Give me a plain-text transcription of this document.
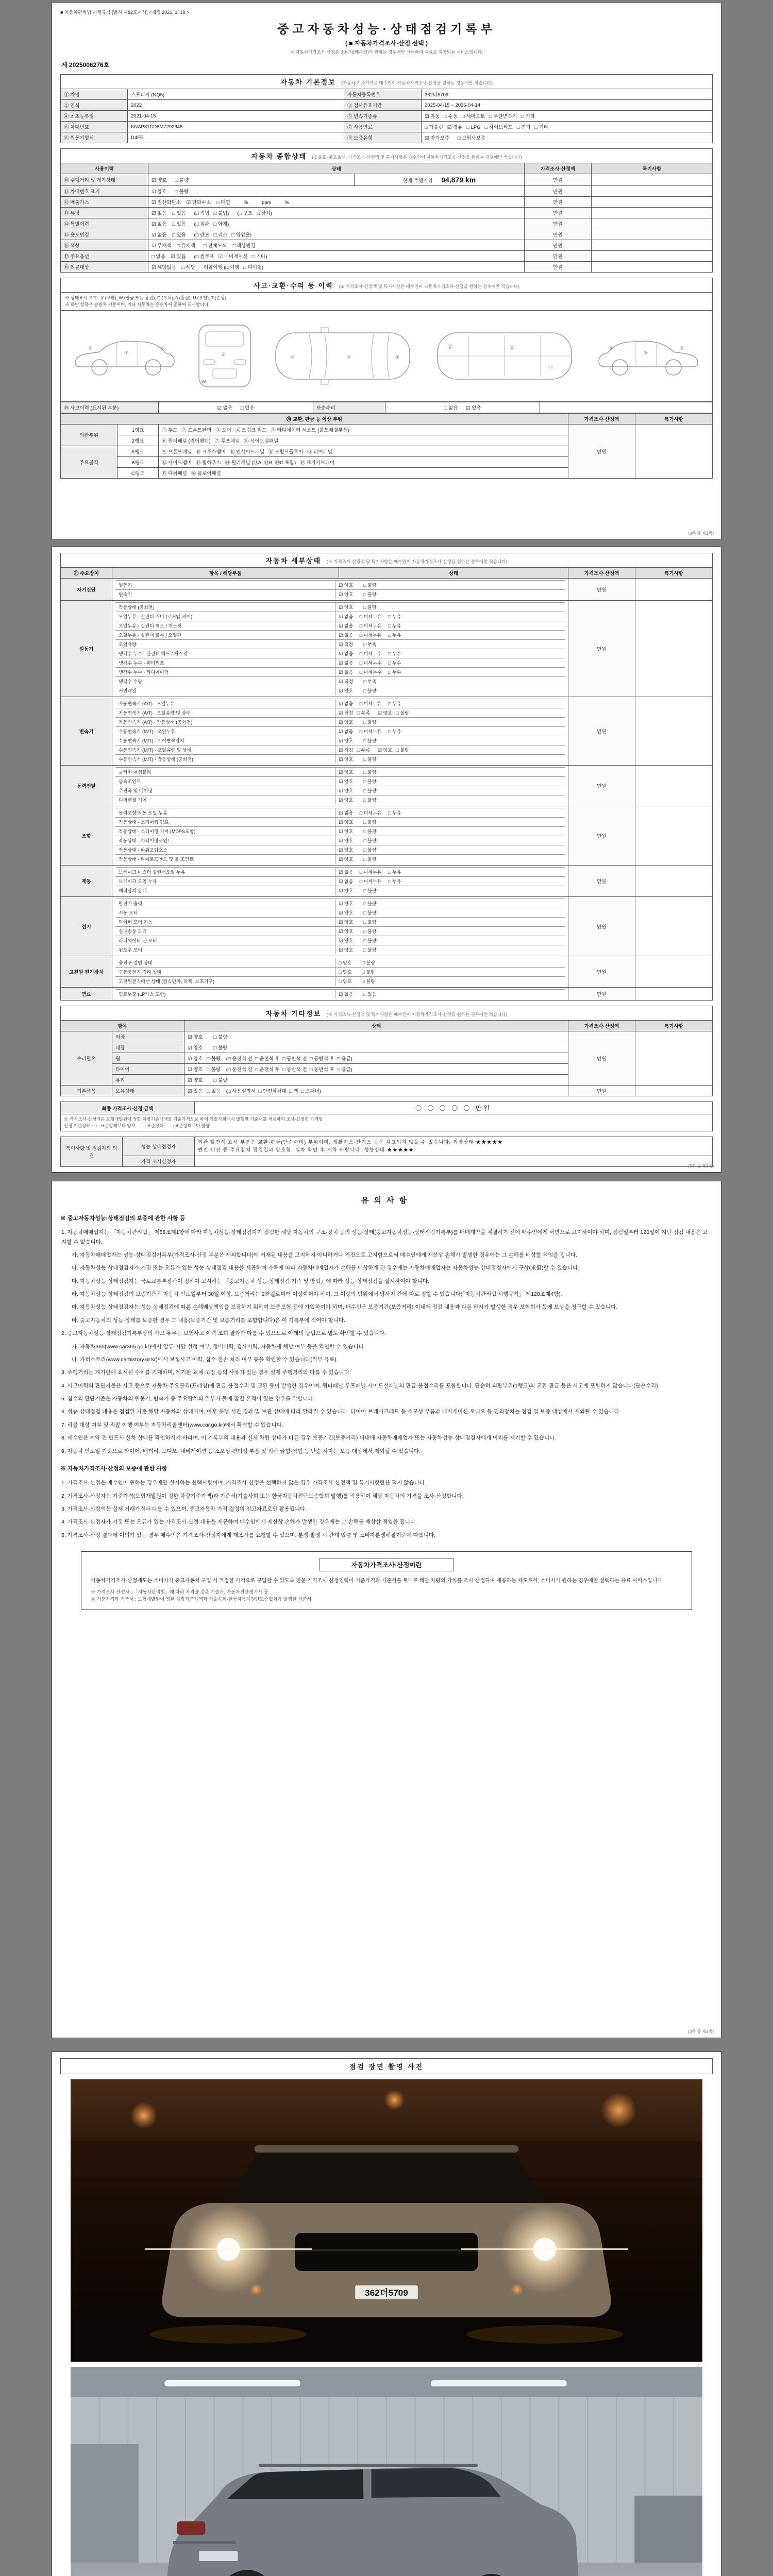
■ 자동차관리법 시행규칙 [별지 제82호서식] <개정 2021. 1. 19.>
중고자동차성능·상태점검기록부
( ■ 자동차가격조사·산정 선택 )
※ 자동차가격조사·산정은 소비자(매수인)가 원하는 경우에만 선택하여 유료로 제공되는 서비스입니다.
제 2025006276호
자동차 기본정보 (자동차 기준가격은 매수인이 자동차가격조사·산정을 원하는 경우에만 적습니다)
① 차명	스포티지 (NQ5)	자동차등록번호	362더5709
② 연식	2022	③ 검사유효기간	2025-04-15 ~ 2026-04-14
④ 최초등록일	2021-04-15	⑤ 변속기종류	☑ 자동   □ 수동   □ 세미오토   □ 무단변속기   □ 기타
⑥ 차대번호	KNAP81CD8M7292648	⑦ 사용연료	□ 가솔린   ☑ 경유   □ LPG   □ 하이브리드   □ 전기   □ 기타
⑧ 원동기형식	D4FE	⑨ 보증유형	☑ 자가보증      □ 보험사보증
자동차 종합상태 (※유효, 주요옵션, 가격조사·산정액 및 특기사항은 매수인이 자동차가격조사·산정을 원하는 경우에만 적습니다)
사용이력	상태		가격조사·산정액	특기사항
⑩ 주행거리 및 계기상태	☑ 양호      □ 불량	현재 주행거리 94,879 km	만원	
⑪ 차대번호 표기	☑ 양호      □ 불량		만원	
⑫ 배출가스	☑ 일산화탄소    ☑ 탄화수소    □ 매연          %          ppm          %		만원	
⑬ 튜닝	☑ 없음    □ 있음      (□ 적법   □ 불법)      (□ 구조   □ 장치)		만원	
⑭ 특별이력	☑ 없음    □ 있음      (□ 침수   □ 화재)		만원	
⑮ 용도변경	☑ 없음    □ 있음      (□ 렌트   □ 리스   □ 영업용)		만원	
⑯ 색상	☑ 무채색    □ 유채색      □ 전체도색    □ 색상변경		만원	
⑰ 주요옵션	□ 없음    ☑ 있음      (□ 썬루프   ☑ 네비게이션   □ 기타)		만원	
⑱ 리콜대상	☑ 해당없음    □ 해당      리콜이행 (□ 이행   □ 미이행)		만원	
사고·교환·수리 등 이력 (※ 가격조사·산정액 및 특기사항은 매수인이 자동차가격조사·산정을 원하는 경우에만 적습니다)
※ 상태표시 부호 : X (교환), W (판금 또는 용접), C (부식), A (흠집), U (요철), T (손상)
※ 하단 항목은 승용차 기준이며, 기타 자동차는 승용차에 준하여 표시합니다.
②
③
⑥
①
W
①	⑦	④
⑫	⑯
⑰
②
③
⑧
⑲ 사고이력 (표시된 부분)	☑ 없음      □ 있음	단순수리	□ 없음      ☑ 있음	
⑳ 교환, 판금 등 이상 부위			가격조사·산정액	특기사항
외판부위	1랭크	① 후드   ② 프론트펜더   ③ 도어   ④ 트렁크 리드   ⑤ 라디에이터 서포트 (볼트체결부품)	만원	
	2랭크	⑥ 쿼터패널 (리어펜더)   ⑦ 루프패널   ⑧ 사이드실패널		
주요골격	A랭크	⑨ 프론트패널   ⑩ 크로스멤버   ⑪ 인사이드패널   ⑰ 트렁크플로어   ⑱ 리어패널		
	B랭크	⑫ 사이드멤버   ⑬ 휠하우스   ⑭ 필러패널 (⑭A, ⑭B, ⑭C 포함)   ⑲ 패키지트레이		
	C랭크	⑮ 대쉬패널   ⑯ 플로어패널		
(3쪽 중 제1쪽)
자동차 세부상태 (※ 가격조사·산정액 및 특기사항은 매수인이 자동차가격조사·산정을 원하는 경우에만 적습니다)
㉑ 주요장치	항목 / 해당부품	상태	가격조사·산정액	특기사항
자기진단	원동기 ☑ 양호        □ 불량
변속기 ☑ 양호        □ 불량		만원	
원동기	
작동상태 (공회전)	☑ 양호        □ 불량
오일누유 · 실린더 커버 (로커암 커버)	☑ 없음     □ 미세누유     □ 누유
오일누유 · 실린더 헤드 / 개스킷	☑ 없음     □ 미세누유     □ 누유
오일누유 · 실린더 블록 / 오일팬	☑ 없음     □ 미세누유     □ 누유
오일유량	☑ 적정        □ 부족
냉각수 누수 · 실린더 헤드 / 개스킷	☑ 없음     □ 미세누수     □ 누수
냉각수 누수 · 워터펌프	☑ 없음     □ 미세누수     □ 누수
냉각수 누수 · 라디에이터	☑ 없음     □ 미세누수     □ 누수
냉각수 수량	☑ 적정        □ 부족
커먼레일	☑ 양호        □ 불량
	만원	
변속기	
자동변속기 (A/T) · 오일누유	☑ 없음     □ 미세누유     □ 누유
자동변속기 (A/T) · 오일유량 및 상태	☑ 적정   □ 부족      ☑ 양호   □ 불량
자동변속기 (A/T) · 작동상태 (공회전)	☑ 양호        □ 불량
수동변속기 (M/T) · 오일누유	☑ 없음     □ 미세누유     □ 누유
수동변속기 (M/T) · 기어변속장치	☑ 양호        □ 불량
수동변속기 (M/T) · 오일유량 및 상태	☑ 적정   □ 부족      ☑ 양호   □ 불량
수동변속기 (M/T) · 작동상태 (공회전)	☑ 양호        □ 불량
	만원	
동력전달	
클러치 어셈블리	☑ 양호        □ 불량
등속조인트	☑ 양호        □ 불량
추진축 및 베어링	☑ 양호        □ 불량
디퍼렌셜 기어	☑ 양호        □ 불량
	만원	
조향	
동력조향 작동 오일 누유	☑ 없음     □ 미세누유     □ 누유
작동상태 · 스티어링 펌프	☑ 양호        □ 불량
작동상태 · 스티어링 기어 (MDPS포함)	☑ 양호        □ 불량
작동상태 · 스티어링조인트	☑ 양호        □ 불량
작동상태 · 파워고압호스	☑ 양호        □ 불량
작동상태 · 타이로드엔드 및 볼 조인트	☑ 양호        □ 불량
	만원	
제동	
브레이크 마스터 실린더오일 누유	☑ 없음     □ 미세누유     □ 누유
브레이크 오일 누유	☑ 없음     □ 미세누유     □ 누유
배력장치 상태	☑ 양호        □ 불량
	만원	
전기	
발전기 출력	☑ 양호        □ 불량
시동 모터	☑ 양호        □ 불량
와이퍼 모터 기능	☑ 양호        □ 불량
실내송풍 모터	☑ 양호        □ 불량
라디에이터 팬 모터	☑ 양호        □ 불량
윈도우 모터	☑ 양호        □ 불량
	만원	
고전원 전기장치	
충전구 절연 상태	□ 양호        □ 불량
구동축전지 격리 상태	□ 양호        □ 불량
고전원전기배선 상태 (접속단자, 피복, 보호기구)	□ 양호        □ 불량
	만원	
연료	연료누출 (LP가스 포함) ☑ 없음        □ 있음		만원	
자동차 기타정보 (※ 가격조사·산정액 및 특기사항은 매수인이 자동차가격조사·산정을 원하는 경우에만 적습니다)
항목		상태	가격조사·산정액	특기사항
수리필요	외장	☑ 양호        □ 불량	만원	
	내장	☑ 양호        □ 불량		
	휠	☑ 양호   □ 불량    (□ 운전석 전  □ 운전석 후  □ 동반석 전  □ 동반석 후  □ 응급)		
	타이어	☑ 양호   □ 불량    (□ 운전석 전  □ 운전석 후  □ 동반석 전  □ 동반석 후  □ 응급)		
	유리	☑ 양호        □ 불량		
기본품목	보유상태	☑ 있음   □ 없음    (□ 사용설명서  □ 안전삼각대  □ 잭  □ 스패너)	만원	
최종 가격조사·산정 금액	〇 〇 〇 〇 〇 만원

※ 가격조사·산정액은 보험개발원이 정한 차량기준가액을 기준가격으로 하여 기술사회에서 발행한 기준서를 적용하여 조사·산정한 가격임
산정 기준상태 :   □ 표준상태보다 양호      □ 표준상태      □ 표준상태보다 불량
특이사항 및 점검자의 의견	성능·상태점검자	외관 빨간색 표시 부분은 교환·판금(단순수리) 부위이며, 생활기스·잔기스 등은 체크되지 않을 수 있습니다. 외장상태 ★★★★★
엔진·미션 등 주요장치 점검결과 양호함. 실차 확인 후 계약 바랍니다. 성능상태 ★★★★★

	가격·조사산정자	
(3쪽 중 제2쪽)
유의사항
※ 중고자동차성능·상태점검의 보증에 관한 사항 등
1. 자동차매매업자는 「자동차관리법」 제58조제1항에 따라 자동차성능·상태점검자가 점검한 해당 자동차의 구조·장치 등의 성능·상태(중고자동차성능·상태점검기록부)를 매매계약을 체결하기 전에 매수인에게 서면으로 고지하여야 하며, 점검일부터 120일이 지난 점검 내용은 고지할 수 없습니다.
가. 자동차매매업자는 성능·상태점검기록부(가격조사·산정 부분은 제외합니다)에 기재된 내용을 고지하지 아니하거나 거짓으로 고지함으로써 매수인에게 재산상 손해가 발생한 경우에는 그 손해를 배상할 책임을 집니다.
나. 자동차성능·상태점검자가 거짓 또는 오류가 있는 성능·상태점검 내용을 제공하여 가목에 따라 자동차매매업자가 손해를 배상하게 된 경우에는 자동차매매업자는 자동차성능·상태점검자에게 구상(求償)할 수 있습니다.
다. 자동차성능·상태점검자는 국토교통부장관이 정하여 고시하는 「중고자동차 성능·상태점검 기준 및 방법」에 따라 성능·상태점검을 실시하여야 합니다.
라. 자동차성능·상태점검의 보증기간은 자동차 인도일부터 30일 이상, 보증거리는 2천킬로미터 이상이어야 하며, 그 이상의 범위에서 당사자 간에 따로 정할 수 있습니다(「자동차관리법 시행규칙」 제120조제4항).
마. 자동차성능·상태점검자는 성능·상태점검에 따른 손해배상책임을 보장하기 위하여 보증보험 등에 가입하여야 하며, 매수인은 보증기간(보증거리) 이내에 점검 내용과 다른 하자가 발생한 경우 보험회사 등에 보상을 청구할 수 있습니다.
바. 중고자동차의 성능·상태를 보증한 경우 그 내용(보증기간 및 보증거리를 포함합니다)은 이 기록부에 적어야 합니다.
2. 중고자동차성능·상태점검기록부상의 사고 유무는 보험사고 이력 조회 결과와 다를 수 있으므로 아래의 방법으로 별도 확인할 수 있습니다.
가. 자동차365(www.car365.go.kr)에서 압류·저당 설정 여부, 정비이력, 검사이력, 자동차세 체납 여부 등을 확인할 수 있습니다.
나. 카히스토리(www.carhistory.or.kr)에서 보험사고 이력, 침수·전손 처리 여부 등을 확인할 수 있습니다(일부 유료).
3. 주행거리는 계기판에 표시된 수치를 기재하며, 계기판 교체·고장 등의 사유가 있는 경우 실제 주행거리와 다를 수 있습니다.
4. 사고이력의 판단기준은 사고 등으로 자동차 주요골격(프레임)에 판금·용접수리 및 교환 등이 발생한 경우이며, 쿼터패널·루프패널·사이드실패널의 판금·용접수리를 포함합니다. 단순히 외판부위(1랭크)의 교환·판금 등은 사고에 포함하지 않습니다(단순수리).
5. 침수의 판단기준은 자동차의 원동기, 변속기 등 주요장치의 일부가 물에 잠긴 흔적이 있는 경우를 말합니다.
6. 성능·상태점검 내용은 점검일 기준 해당 자동차의 상태이며, 이후 운행·시간 경과 및 보관 상태에 따라 달라질 수 있습니다. 타이어·브레이크패드 등 소모성 부품과 내비게이션·오디오 등 편의장치는 점검 및 보증 대상에서 제외될 수 있습니다.
7. 리콜 대상 여부 및 리콜 이행 여부는 자동차리콜센터(www.car.go.kr)에서 확인할 수 있습니다.
8. 매수인은 계약 전 반드시 실차 상태를 확인하시기 바라며, 이 기록부의 내용과 실제 차량 상태가 다른 경우 보증기간(보증거리) 이내에 자동차매매업자 또는 자동차성능·상태점검자에게 이의를 제기할 수 있습니다.
9. 자동차 인도일 기준으로 타이어, 배터리, 오디오, 내비게이션 등 소모성·편의성 부품 및 외관 긁힘·찍힘 등 단순 하자는 보증 대상에서 제외될 수 있습니다.
※ 자동차가격조사·산정의 보증에 관한 사항
1. 가격조사·산정은 매수인이 원하는 경우에만 실시하는 선택사항이며, 가격조사·산정을 선택하지 않은 경우 가격조사·산정액 및 특기사항란은 적지 않습니다.
2. 가격조사·산정자는 기준가격(보험개발원이 정한 차량기준가액)과 기준서(기술사회 또는 한국자동차진단보증협회 발행)를 적용하여 해당 자동차의 가격을 조사·산정합니다.
3. 가격조사·산정액은 실제 거래가격과 다를 수 있으며, 중고자동차 가격 결정의 참고자료로만 활용됩니다.
4. 가격조사·산정자가 거짓 또는 오류가 있는 가격조사·산정 내용을 제공하여 매수인에게 재산상 손해가 발생한 경우에는 그 손해를 배상할 책임을 집니다.
5. 가격조사·산정 결과에 이의가 있는 경우 매수인은 가격조사·산정자에게 재조사를 요청할 수 있으며, 분쟁 발생 시 관계 법령 및 소비자분쟁해결기준에 따릅니다.
자동차가격조사·산정이란
자동차가격조사·산정제도는 소비자가 중고자동차 구입 시 적정한 가격으로 구입할 수 있도록 전문 가격조사·산정인력이 기준가격과 기준서를 토대로 해당 차량의 가치를 조사·산정하여 제공하는 제도로서, 소비자가 원하는 경우에만 선택하는 유료 서비스입니다.
※ 가격조사·산정자 : 「자동차관리법」에 따라 자격을 갖춘 기술사, 자동차진단평가사 등
※ 기준가격과 기준서 : 보험개발원이 정한 차량기준가액과 기술사회·한국자동차진단보증협회가 발행한 기준서
(3쪽 중 제3쪽)
점검 장면 촬영 사진
362더5709
